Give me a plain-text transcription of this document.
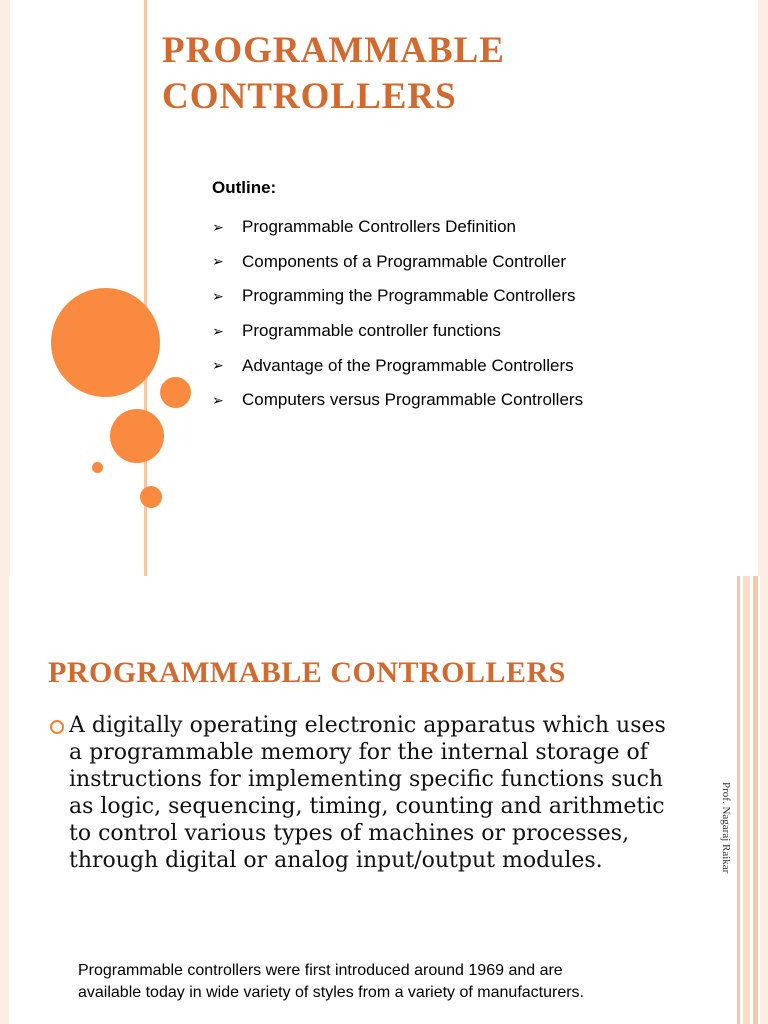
PROGRAMMABLE
CONTROLLERS

Outline:

➢	Programmable Controllers Definition
➢	Components of a Programmable Controller
➢	Programming the Programmable Controllers
➢	Programmable controller functions
➢	Advantage of the Programmable Controllers
➢	Computers versus Programmable Controllers
PROGRAMMABLE CONTROLLERS

A digitally operating electronic apparatus which uses a programmable memory for the internal storage of instructions for implementing specific functions such as logic, sequencing, timing, counting and arithmetic to control various types of machines or processes, through digital or analog input/output modules.

Programmable controllers were first introduced around 1969 and are available today in wide variety of styles from a variety of manufacturers.

Prof. Nagaraj Raikar
